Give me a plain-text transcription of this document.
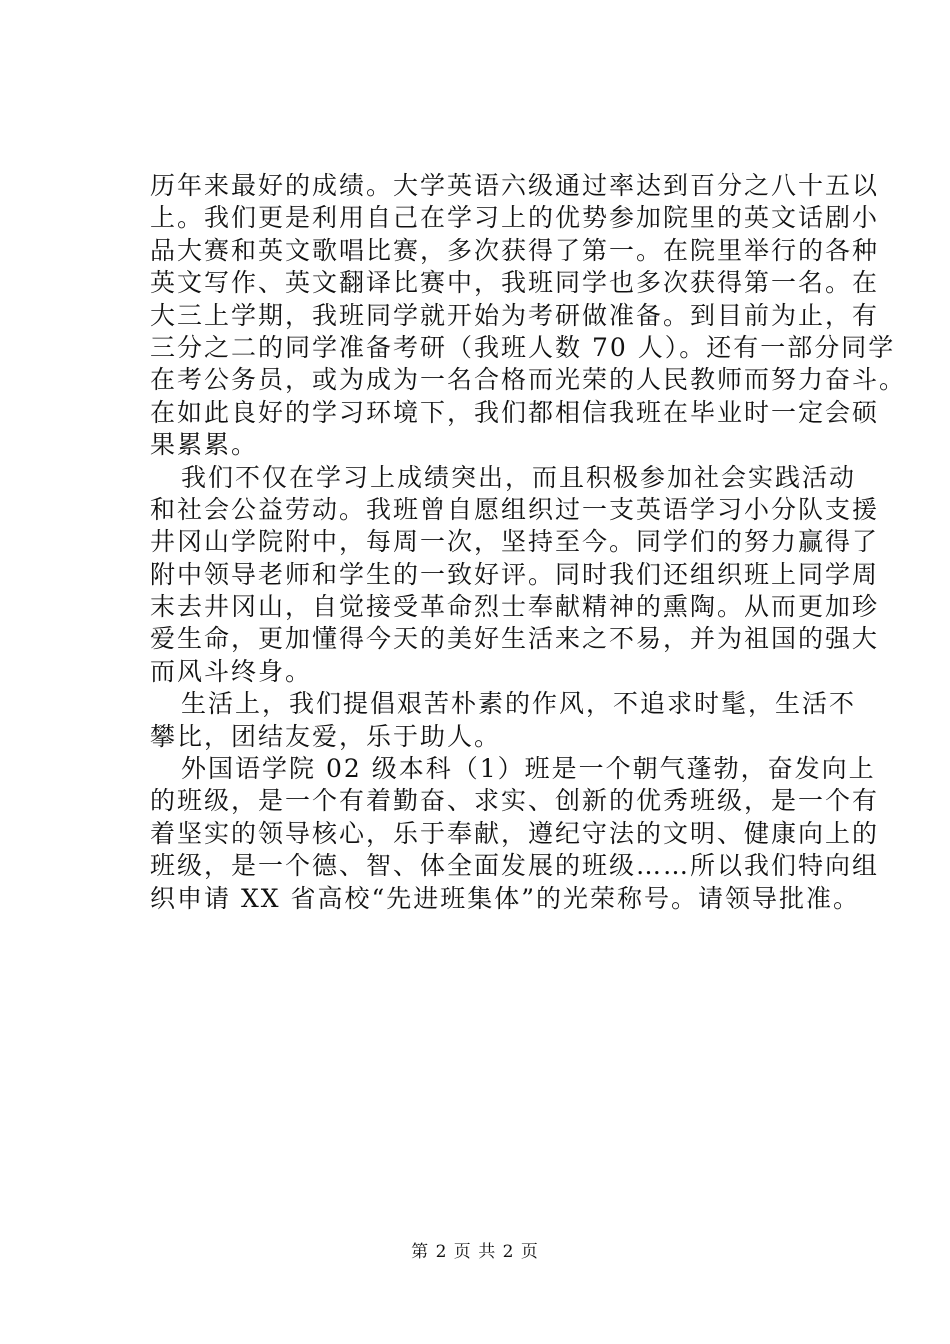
历年来最好的成绩。大学英语六级通过率达到百分之八十五以
上。我们更是利用自己在学习上的优势参加院里的英文话剧小
品大赛和英文歌唱比赛，多次获得了第一。在院里举行的各种
英文写作、英文翻译比赛中，我班同学也多次获得第一名。在
大三上学期，我班同学就开始为考研做准备。到目前为止，有
三分之二的同学准备考研（我班人数 70 人）。还有一部分同学
在考公务员，或为成为一名合格而光荣的人民教师而努力奋斗。
在如此良好的学习环境下，我们都相信我班在毕业时一定会硕
果累累。
我们不仅在学习上成绩突出，而且积极参加社会实践活动
和社会公益劳动。我班曾自愿组织过一支英语学习小分队支援
井冈山学院附中，每周一次，坚持至今。同学们的努力赢得了
附中领导老师和学生的一致好评。同时我们还组织班上同学周
末去井冈山，自觉接受革命烈士奉献精神的熏陶。从而更加珍
爱生命，更加懂得今天的美好生活来之不易，并为祖国的强大
而风斗终身。
生活上，我们提倡艰苦朴素的作风，不追求时髦，生活不
攀比，团结友爱，乐于助人。
外国语学院 02 级本科（1）班是一个朝气蓬勃，奋发向上
的班级，是一个有着勤奋、求实、创新的优秀班级，是一个有
着坚实的领导核心，乐于奉献，遵纪守法的文明、健康向上的
班级，是一个德、智、体全面发展的班级……所以我们特向组
织申请 XX 省高校“先进班集体”的光荣称号。请领导批准。
第 2 页 共 2 页
